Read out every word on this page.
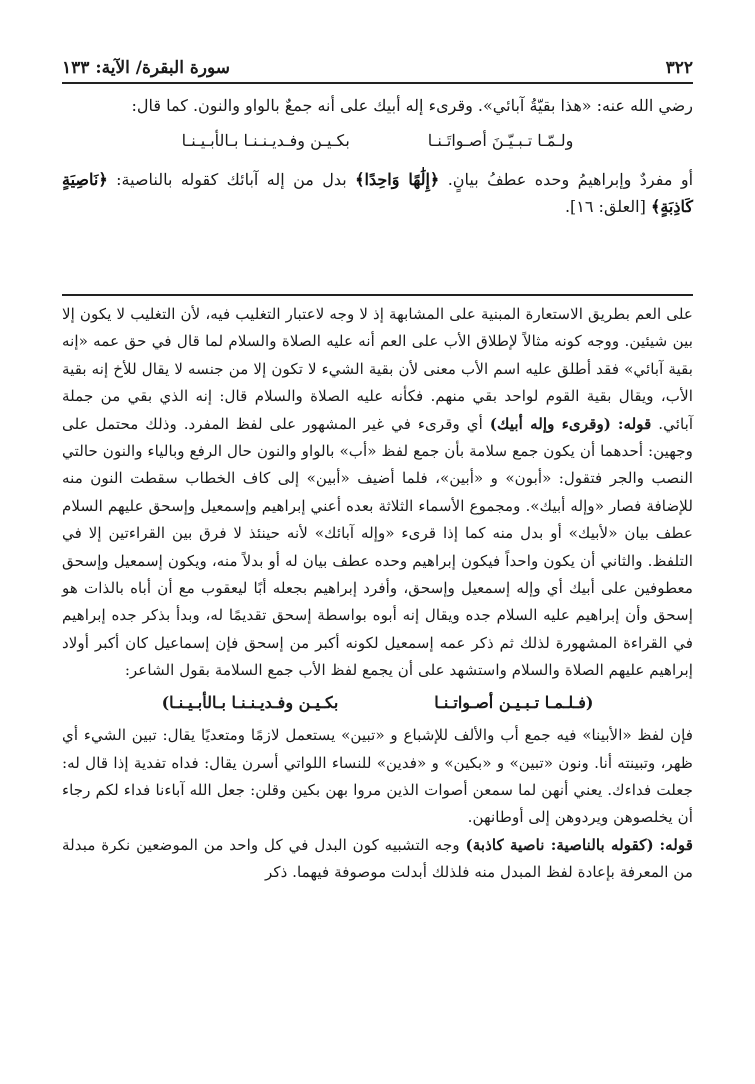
٣٢٢
سورة البقرة/ الآية: ١٣٣

رضي الله عنه: «هذا بقيّةُ آبائي». وقرىء إله أبيك على أنه جمعٌ بالواو والنون. كما قال:

ولـمّـا تـبـيّـنَ أصـواتَـنـا
بكـيـن وفـديـنـنـا بـالأبـيـنـا

أو مفردٌ وإبراهيمُ وحده عطفُ بيانٍ. ﴿إِلَٰهًا وَاحِدًا﴾ بدل من إله آبائك كقوله بالناصية: ﴿نَاصِيَةٍ كَاذِبَةٍ﴾ [العلق: ١٦].

على العم بطريق الاستعارة المبنية على المشابهة إذ لا وجه لاعتبار التغليب فيه، لأن التغليب لا يكون إلا بين شيئين. ووجه كونه مثالاً لإطلاق الأب على العم أنه عليه الصلاة والسلام لما قال في حق عمه «إنه بقية آبائي» فقد أطلق عليه اسم الأب معنى لأن بقية الشيء لا تكون إلا من جنسه لا يقال للأخ إنه بقية الأب، ويقال بقية القوم لواحد بقي منهم. فكأنه عليه الصلاة والسلام قال: إنه الذي بقي من جملة آبائي. قوله: (وقرىء وإله أبيك) أي وقرىء في غير المشهور على لفظ المفرد. وذلك محتمل على وجهين: أحدهما أن يكون جمع سلامة بأن جمع لفظ «أب» بالواو والنون حال الرفع وبالياء والنون حالتي النصب والجر فتقول: «أبون» و «أبين»، فلما أضيف «أبين» إلى كاف الخطاب سقطت النون منه للإضافة فصار «وإله أبيك». ومجموع الأسماء الثلاثة بعده أعني إبراهيم وإسمعيل وإسحق عليهم السلام عطف بيان «لأبيك» أو بدل منه كما إذا قرىء «وإله آبائك» لأنه حينئذ لا فرق بين القراءتين إلا في التلفظ. والثاني أن يكون واحداً فيكون إبراهيم وحده عطف بيان له أو بدلاً منه، ويكون إسمعيل وإسحق معطوفين على أبيك أي وإله إسمعيل وإسحق، وأفرد إبراهيم بجعله أبًا ليعقوب مع أن أباه بالذات هو إسحق وأن إبراهيم عليه السلام جده ويقال إنه أبوه بواسطة إسحق تقديمًا له، وبدأ بذكر جده إبراهيم في القراءة المشهورة لذلك ثم ذكر عمه إسمعيل لكونه أكبر من إسحق فإن إسماعيل كان أكبر أولاد إبراهيم عليهم الصلاة والسلام واستشهد على أن يجمع لفظ الأب جمع السلامة بقول الشاعر:

(فـلـمـا تـبـيـن أصـواتـنـا
بكـيـن وفـديـنـنـا بـالأبـيـنـا)

فإن لفظ «الأبينا» فيه جمع أب والألف للإشباع و «تبين» يستعمل لازمًا ومتعديًا يقال: تبين الشيء أي ظهر، وتبينته أنا. ونون «تبين» و «بكين» و «فدين» للنساء اللواتي أسرن يقال: فداه تفدية إذا قال له: جعلت فداءك. يعني أنهن لما سمعن أصوات الذين مروا بهن بكين وقلن: جعل الله آباءنا فداء لكم رجاء أن يخلصوهن ويردوهن إلى أوطانهن.

قوله: (كقوله بالناصية: ناصية كاذبة) وجه التشبيه كون البدل في كل واحد من الموضعين نكرة مبدلة من المعرفة بإعادة لفظ المبدل منه فلذلك أبدلت موصوفة فيهما. ذكر
